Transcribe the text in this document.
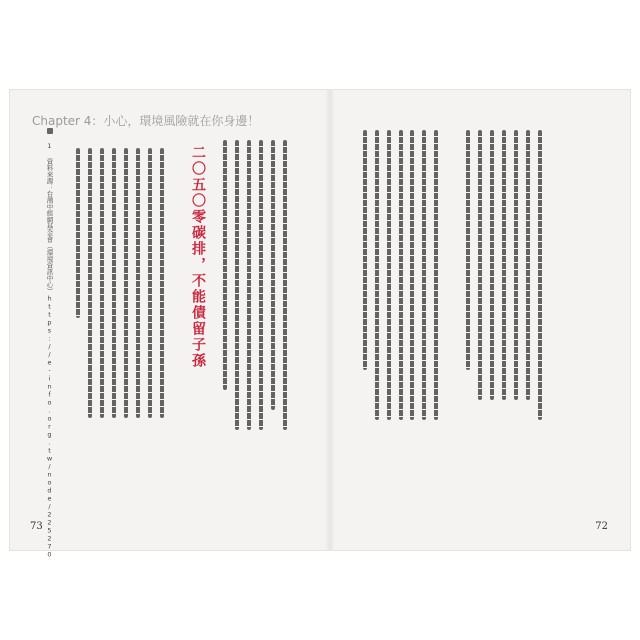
Chapter 4：小心，環境風險就在你身邊！
1 資料來源：台灣中經網基金會（環境資訊中心）https://e-info.org.tw/node/225270	二〇五〇零碳排，不能債留子孫
73	72
